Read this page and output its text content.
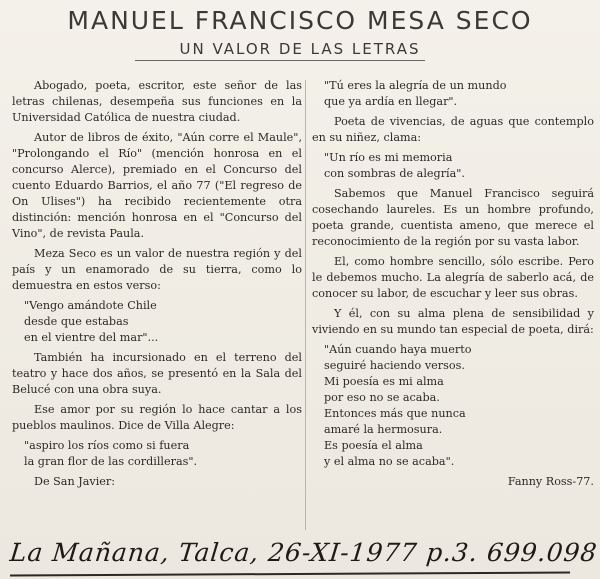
MANUEL FRANCISCO MESA SECO
UN VALOR DE LAS LETRAS

Abogado, poeta, escritor, este señor de las letras chilenas, desempeña sus funciones en la Universidad Católica de nuestra ciudad.

Autor de libros de éxito, "Aún corre el Maule", "Prolongando el Río" (mención honrosa en el concurso Alerce), premiado en el Concurso del cuento Eduardo Barrios, el año 77 ("El regreso de On Ulises") ha recibido recientemente otra distinción: mención honrosa en el "Concurso del Vino", de revista Paula.

Meza Seco es un valor de nuestra región y del país y un enamorado de su tierra, como lo demuestra en estos verso:

"Vengo amándote Chile
desde que estabas
en el vientre del mar"...

También ha incursionado en el terreno del teatro y hace dos años, se presentó en la Sala del Belucé con una obra suya.

Ese amor por su región lo hace cantar a los pueblos maulinos. Dice de Villa Alegre:

"aspiro los ríos como si fuera
la gran flor de las cordilleras".

De San Javier:

"Tú eres la alegría de un mundo
que ya ardía en llegar".

Poeta de vivencias, de aguas que contemplo en su niñez, clama:

"Un río es mi memoria
con sombras de alegría".

Sabemos que Manuel Francisco seguirá cosechando laureles. Es un hombre profundo, poeta grande, cuentista ameno, que merece el reconocimiento de la región por su vasta labor.

El, como hombre sencillo, sólo escribe. Pero le debemos mucho. La alegría de saberlo acá, de conocer su labor, de escuchar y leer sus obras.

Y él, con su alma plena de sensibilidad y viviendo en su mundo tan especial de poeta, dirá:

"Aún cuando haya muerto
seguiré haciendo versos.
Mi poesía es mi alma
por eso no se acaba.
Entonces más que nunca
amaré la hermosura.
Es poesía el alma
y el alma no se acaba".
Fanny Ross-77.
La Mañana, Talca, 26-XI-1977 p.3. 699.098
